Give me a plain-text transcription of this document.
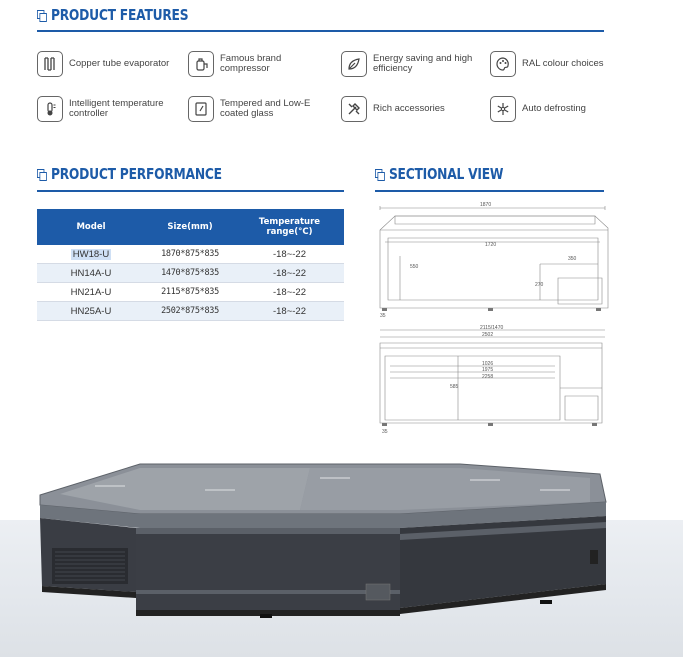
PRODUCT FEATURES
Copper tube evaporator	Famous brand
compressor
Energy saving and high
efficiency	RAL colour choices
Intelligent temperature
controller
Tempered and Low-E
coated glass	Rich accessories	Auto defrosting
PRODUCT PERFORMANCE
Model	Size(mm)	Temperature range(°C)
HW18-U	1870*875*835	-18~-22
HN14A-U	1470*875*835	-18~-22
HN21A-U	2115*875*835	-18~-22
HN25A-U	2502*875*835	-18~-22
SECTIONAL VIEW
1870
1720
550
350
270
35
2115/1470
2502
1026
1975
2258
585
35
